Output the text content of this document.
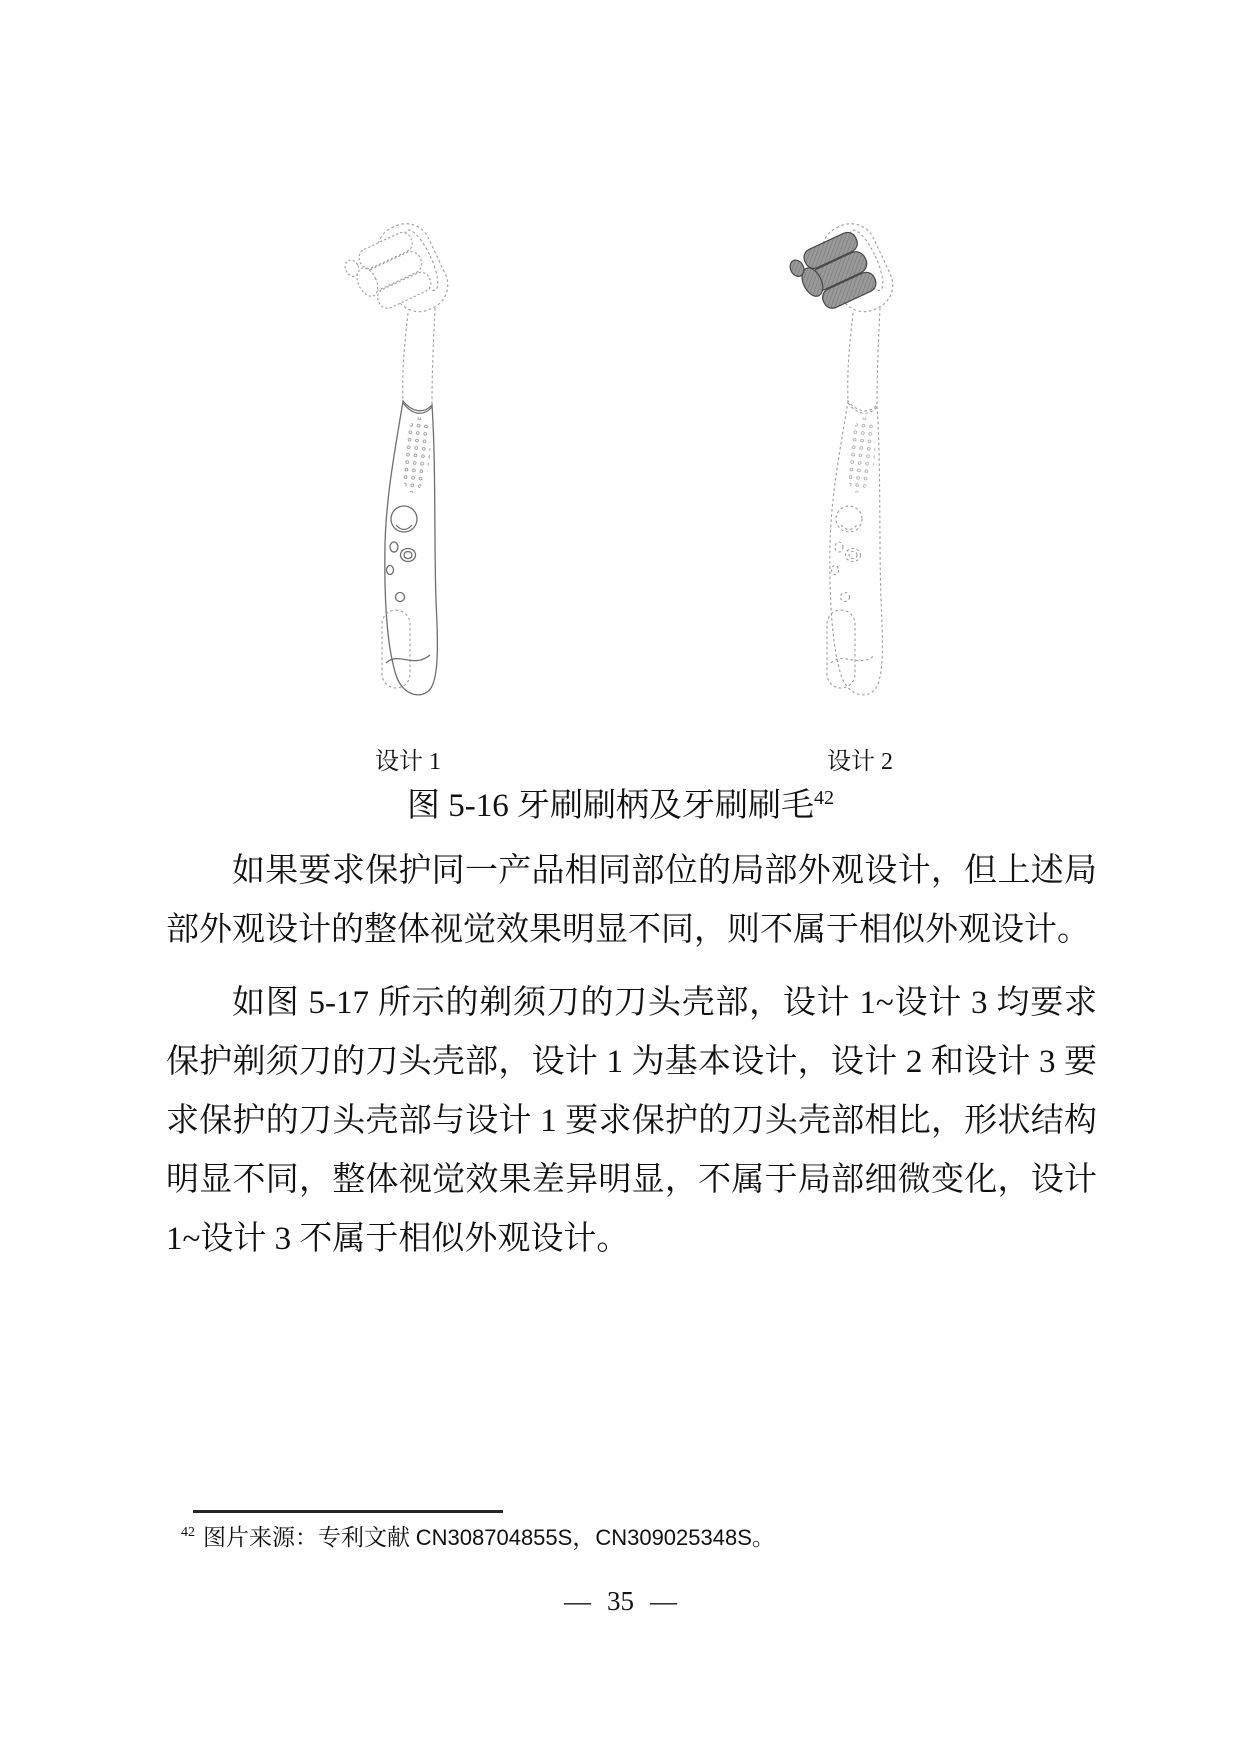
设计 1	设计 2
图 5-16 牙刷刷柄及牙刷刷毛$^{42}$

如果要求保护同一产品相同部位的局部外观设计，但上述局部外观设计的整体视觉效果明显不同，则不属于相似外观设计。

如图 5-17 所示的剃须刀的刀头壳部，设计 1~设计 3 均要求保护剃须刀的刀头壳部，设计 1 为基本设计，设计 2 和设计 3 要求保护的刀头壳部与设计 1 要求保护的刀头壳部相比，形状结构明显不同，整体视觉效果差异明显，不属于局部细微变化，设计 1~设计 3 不属于相似外观设计。

$^{42}$ 图片来源：专利文献 CN308704855S，CN309025348S。
— 35 —
